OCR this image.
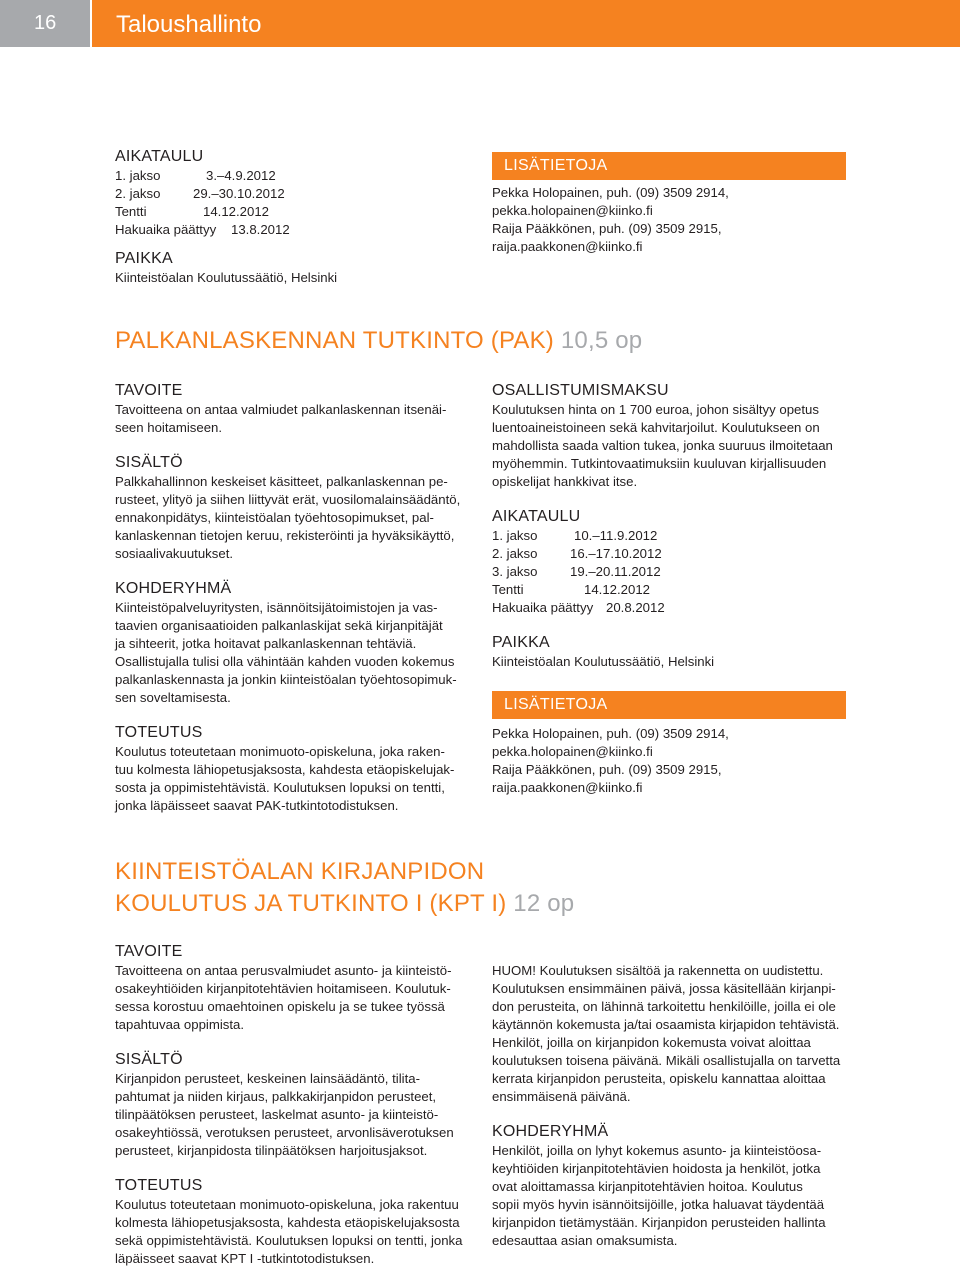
16	Taloushallinto
AIKATAULU
1. jakso	3.–4.9.2012
2. jakso	29.–30.10.2012
Tentti	14.12.2012
Hakuaika päättyy	13.8.2012
PAIKKA
Kiinteistöalan Koulutussäätiö, Helsinki
LISÄTIETOJA
Pekka Holopainen, puh. (09) 3509 2914,
pekka.holopainen@kiinko.fi
Raija Pääkkönen, puh. (09) 3509 2915,
raija.paakkonen@kiinko.fi
PALKANLASKENNAN TUTKINTO (PAK) 10,5 op
TAVOITE
Tavoitteena on antaa valmiudet palkanlaskennan itsenäi-
seen hoitamiseen.
SISÄLTÖ
Palkkahallinnon keskeiset käsitteet, palkanlaskennan pe-
rusteet, ylityö ja siihen liittyvät erät, vuosilomalainsäädäntö,
ennakonpidätys, kiinteistöalan työehtosopimukset, pal-
kanlaskennan tietojen keruu, rekisteröinti ja hyväksikäyttö,
sosiaalivakuutukset.
KOHDERYHMÄ
Kiinteistöpalveluyritysten, isännöitsijätoimistojen ja vas-
taavien organisaatioiden palkanlaskijat sekä kirjanpitäjät
ja sihteerit, jotka hoitavat palkanlaskennan tehtäviä.
Osallistujalla tulisi olla vähintään kahden vuoden kokemus
palkanlaskennasta ja jonkin kiinteistöalan työehtosopimuk-
sen soveltamisesta.
TOTEUTUS
Koulutus toteutetaan monimuoto-opiskeluna, joka raken-
tuu kolmesta lähiopetusjaksosta, kahdesta etäopiskelujak-
sosta ja oppimistehtävistä. Koulutuksen lopuksi on tentti,
jonka läpäisseet saavat PAK-tutkintotodistuksen.
OSALLISTUMISMAKSU
Koulutuksen hinta on 1 700 euroa, johon sisältyy opetus
luentoaineistoineen sekä kahvitarjoilut. Koulutukseen on
mahdollista saada valtion tukea, jonka suuruus ilmoitetaan
myöhemmin. Tutkintovaatimuksiin kuuluvan kirjallisuuden
opiskelijat hankkivat itse.
AIKATAULU
1. jakso	10.–11.9.2012
2. jakso	16.–17.10.2012
3. jakso	19.–20.11.2012
Tentti	14.12.2012
Hakuaika päättyy 20.8.2012
PAIKKA
Kiinteistöalan Koulutussäätiö, Helsinki
LISÄTIETOJA
Pekka Holopainen, puh. (09) 3509 2914,
pekka.holopainen@kiinko.fi
Raija Pääkkönen, puh. (09) 3509 2915,
raija.paakkonen@kiinko.fi
KIINTEISTÖALAN KIRJANPIDON
KOULUTUS JA TUTKINTO I (KPT I) 12 op
TAVOITE
Tavoitteena on antaa perusvalmiudet asunto- ja kiinteistö-
osakeyhtiöiden kirjanpitotehtävien hoitamiseen. Koulutuk-
sessa korostuu omaehtoinen opiskelu ja se tukee työssä
tapahtuvaa oppimista.
SISÄLTÖ
Kirjanpidon perusteet, keskeinen lainsäädäntö, tilita-
pahtumat ja niiden kirjaus, palkkakirjanpidon perusteet,
tilinpäätöksen perusteet, laskelmat asunto- ja kiinteistö-
osakeyhtiössä, verotuksen perusteet, arvonlisäverotuksen
perusteet, kirjanpidosta tilinpäätöksen harjoitusjaksot.
TOTEUTUS
Koulutus toteutetaan monimuoto-opiskeluna, joka rakentuu
kolmesta lähiopetusjaksosta, kahdesta etäopiskelujaksosta
sekä oppimistehtävistä. Koulutuksen lopuksi on tentti, jonka
läpäisseet saavat KPT I -tutkintotodistuksen.
HUOM! Koulutuksen sisältöä ja rakennetta on uudistettu.
Koulutuksen ensimmäinen päivä, jossa käsitellään kirjanpi-
don perusteita, on lähinnä tarkoitettu henkilöille, joilla ei ole
käytännön kokemusta ja/tai osaamista kirjapidon tehtävistä.
Henkilöt, joilla on kirjanpidon kokemusta voivat aloittaa
koulutuksen toisena päivänä. Mikäli osallistujalla on tarvetta
kerrata kirjanpidon perusteita, opiskelu kannattaa aloittaa
ensimmäisenä päivänä.
KOHDERYHMÄ
Henkilöt, joilla on lyhyt kokemus asunto- ja kiinteistöosa-
keyhtiöiden kirjanpitotehtävien hoidosta ja henkilöt, jotka
ovat aloittamassa kirjanpitotehtävien hoitoa. Koulutus
sopii myös hyvin isännöitsijöille, jotka haluavat täydentää
kirjanpidon tietämystään. Kirjanpidon perusteiden hallinta
edesauttaa asian omaksumista.
